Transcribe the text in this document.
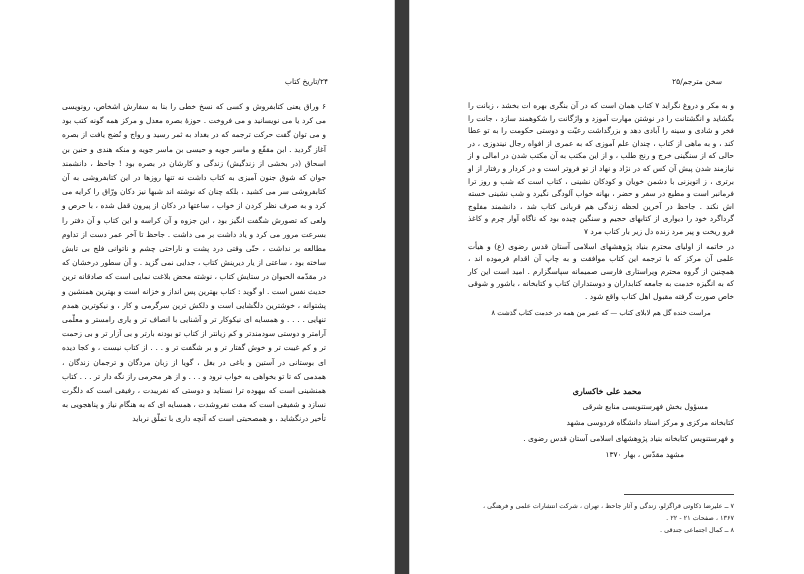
۲۴/تاریخ کتاب

۶ وراق یعنی کتابفروش و کسی که نسخ خطی را بنا به سفارش اشخاص، رونویسی می کرد یا می نویسانید و می فروخت . حوزهٔ بصره معدل و مرکز همه گونه کتب بود و می توان گفت حرکت ترجمه که در بغداد به ثمر رسید و رواج و نُضج یافت از بصره آغاز گردید . ابن مقفّع و ماسر جویه و حیسی بن ماسر جویه و منکه هندی و حنین بن اسحاق (در بخشی از زندگیش) زندگی و کارشان در بصره بود ! جاحظ ، دانشمند جوان که شوق جنون آمیزی به کتاب داشت نه تنها روزها در این کتابفروشی به آن کتابفروشی سر می کشید ، بلکه چنان که نوشته اند شبها نیز دکان ورّاق را کرایه می کرد و به صرف نظر کردن از خواب ، ساعتها در دکان از پیرون قفل شده ، با حرص و ولعی که تصورش شگفت انگیز بود ، این جزوه و آن کراسه و این کتاب و آن دفتر را بسرعت مرور می کرد و یاد داشت بر می داشت . جاحظ تا آخر عمر دست از تداوم مطالعه بر نداشت ، حتّی وقتی درد پشت و ناراحتی چشم و ناتوانی فلج بی تابش ساخته بود ، ساعتی از یار دیرینش کتاب ، جدایی نمی گزید . و آن سطور درخشان که در مقدّمه الحیوان در ستایش کتاب ، نوشته محض بلاغت نمایی است که صادقانه ترین حدیث نفس است . او گوید : کتاب بهترین پس انداز و خزانه است و بهترین همنشین و پشتوانه ، خوشترین دلگشایی است و دلکش ترین سرگرمی و کار ، و نیکوترین همدم تنهایی . . . . و همسایه ای نیکوکار تر و آشنایی با انصاف تر و یاری رامستر و معلّمی آرامتر و دوستی سودمندتر و کم زیانتر از کتاب تو بودنه بارتر و بی آزار تر و بی زحمت تر و کم غیبت تر و خوش گفتار تر و بر شگفت تر و . . . از کتاب نیست ، و کجا دیده ای بوستانی در آستین و باغی در بغل ، گویا از زبان مردگان و ترجمان زندگان ، همدمی که تا تو بخواهی به خواب نرود و . . . و از هر محرمی راز نگه دار تر . . . کتاب همنشینی است که بیهوده ترا نستاید و دوستی که نفریبدت ، رفیقی است که دلگرت نسازد و شفیقی است که مفت نفروشدت ، همسایه ای که به هنگام نیاز و پناهجویی به تأخیر درنگشاید ، و همصحبتی است که آنچه داری با تملّق نرباید

سخن مترجم/۲۵

و به مکر و دروغ نگراید ۷ کتاب همان است که در آن بنگری بهره ات بخشد ، زبانت را بگشاید و انگشتانت را در نوشتن مهارت آموزد و واژگانت را شکوهمند سازد ، جانت را فخر و شادی و سینه را آبادی دهد و بزرگداشت رعیّت و دوستی حکومت را به تو عطا کند ، و به ماهی از کتاب ، چندان علم آموزی که به عمری از افواه رجال نیندوزی ، در حالی که از سنگینی خرج و رنج طلب ، و از این مکتب به آن مکتب شدن در امالی و از نیازمند شدن پیش آن کس که در نژاد و نهاد از تو فروتر است و در کردار و رفتار از او برتری ، ز اتویزنی با دشمن خویان و کودکان نشینی ، کتاب است که شب و روز ترا فرمانبر است و مطیع در سفر و حضر ، بهانه خواب آلودگی نگیرد و شب نشینی خسته اش نکند . جاحظ در آخرین لحظه زندگی هم قربانی کتاب شد ، دانشمند مفلوج گرداگرد خود را دیواری از کتابهای حجیم و سنگین چیده بود که ناگاه آوار چرم و کاغذ فرو ریخت و پیر مرد زنده دل زیر بار کتاب مرد ۷

در خاتمه از اولیای محترم بنیاد پژوهشهای اسلامی آستان قدس رضوی (ع) و هیأت علمی آن مرکز که با ترجمه این کتاب موافقت و به چاپ آن اقدام فرموده اند ، همچنین از گروه محترم ویراستاری فارسی صمیمانه سپاسگزارم . امید است این کار که به انگیزه خدمت به جامعه کتابداران و دوستداران کتاب و کتابخانه ، باشور و شوقی خاص صورت گرفته مقبول اهل کتاب واقع شود .

مراست خنده گل هم لابلای کتاب — که عمر من همه در خدمت کتاب گذشت ۸

محمد علی خاکساری
مسؤول بخش فهرستنویسی منابع شرقی
کتابخانه مرکزی و مرکز اسناد دانشگاه فردوسی مشهد
و فهرستنویس کتابخانه بنیاد پژوهشهای اسلامی آستان قدس رضوی .
مشهد مقدّس ، بهار ۱۳۷۰
۷ ــ علیرضا ذکاوتی قراگزلو، زندگی و آثار جاحظ ، تهران ، شرکت انتشارات علمی و فرهنگی ، ۱۳۶۷ ، صفحات ۲۱ - ۲۲ .
۸ ــ کمال اجتماعی جندقی .
